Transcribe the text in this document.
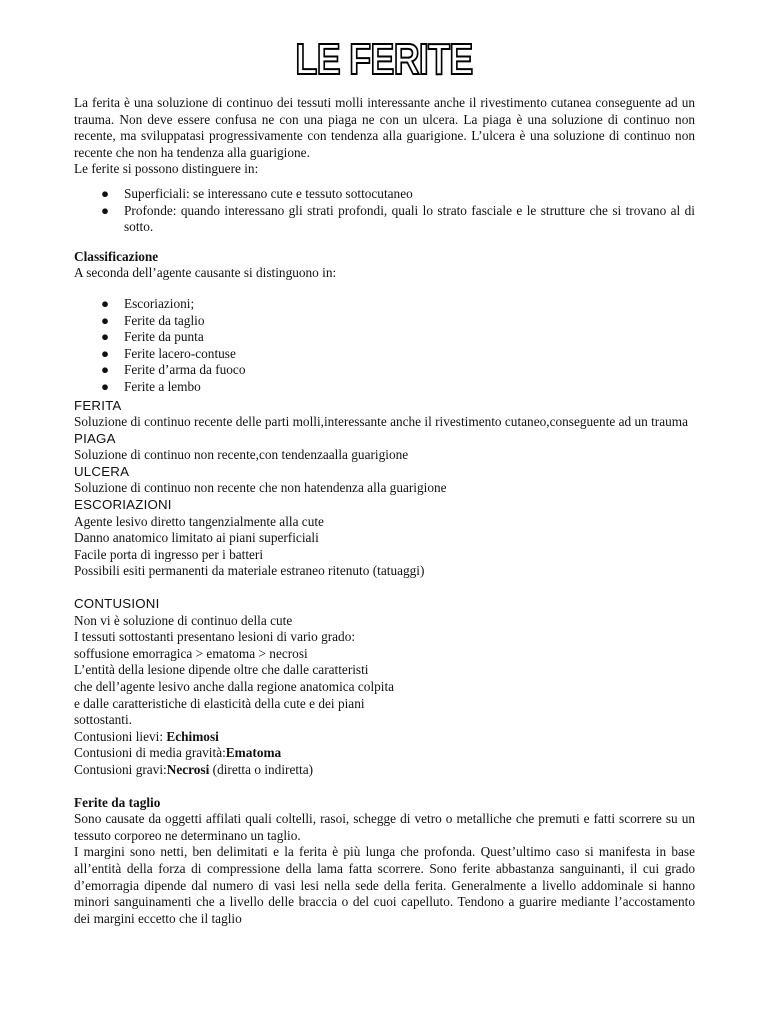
LE FERITE

La ferita è una soluzione di continuo dei tessuti molli interessante anche il rivestimento cutanea conseguente ad un trauma. Non deve essere confusa ne con una piaga ne con un ulcera. La piaga è una soluzione di continuo non recente, ma sviluppatasi progressivamente con tendenza alla guarigione. L’ulcera è una soluzione di continuo non recente che non ha tendenza alla guarigione.

Le ferite si possono distinguere in:

● Superficiali: se interessano cute e tessuto sottocutaneo
● Profonde: quando interessano gli strati profondi, quali lo strato fasciale e le strutture che si trovano al di sotto.

Classificazione

A seconda dell’agente causante si distinguono in:

● Escoriazioni;
● Ferite da taglio
● Ferite da punta
● Ferite lacero-contuse
● Ferite d’arma da fuoco
● Ferite a lembo

FERITA

Soluzione di continuo recente delle parti molli,interessante anche il rivestimento cutaneo,conseguente ad un trauma

PIAGA

Soluzione di continuo non recente,con tendenzaalla guarigione

ULCERA

Soluzione di continuo non recente che non hatendenza alla guarigione

ESCORIAZIONI

Agente lesivo diretto tangenzialmente alla cute

Danno anatomico limitato ai piani superficiali

Facile porta di ingresso per i batteri

Possibili esiti permanenti da materiale estraneo ritenuto (tatuaggi)

CONTUSIONI

Non vi è soluzione di continuo della cute

I tessuti sottostanti presentano lesioni di vario grado:

soffusione emorragica > ematoma > necrosi

L’entità della lesione dipende oltre che dalle caratteristi

che dell’agente lesivo anche dalla regione anatomica colpita

e dalle caratteristiche di elasticità della cute e dei piani

sottostanti.

Contusioni lievi: Echimosi

Contusioni di media gravità:Ematoma

Contusioni gravi:Necrosi (diretta o indiretta)

Ferite da taglio

Sono causate da oggetti affilati quali coltelli, rasoi, schegge di vetro o metalliche che premuti e fatti scorrere su un tessuto corporeo ne determinano un taglio.

I margini sono netti, ben delimitati e la ferita è più lunga che profonda. Quest’ultimo caso si manifesta in base all’entità della forza di compressione della lama fatta scorrere. Sono ferite abbastanza sanguinanti, il cui grado d’emorragia dipende dal numero di vasi lesi nella sede della ferita. Generalmente a livello addominale si hanno minori sanguinamenti che a livello delle braccia o del cuoi capelluto. Tendono a guarire mediante l’accostamento dei margini eccetto che il taglio
